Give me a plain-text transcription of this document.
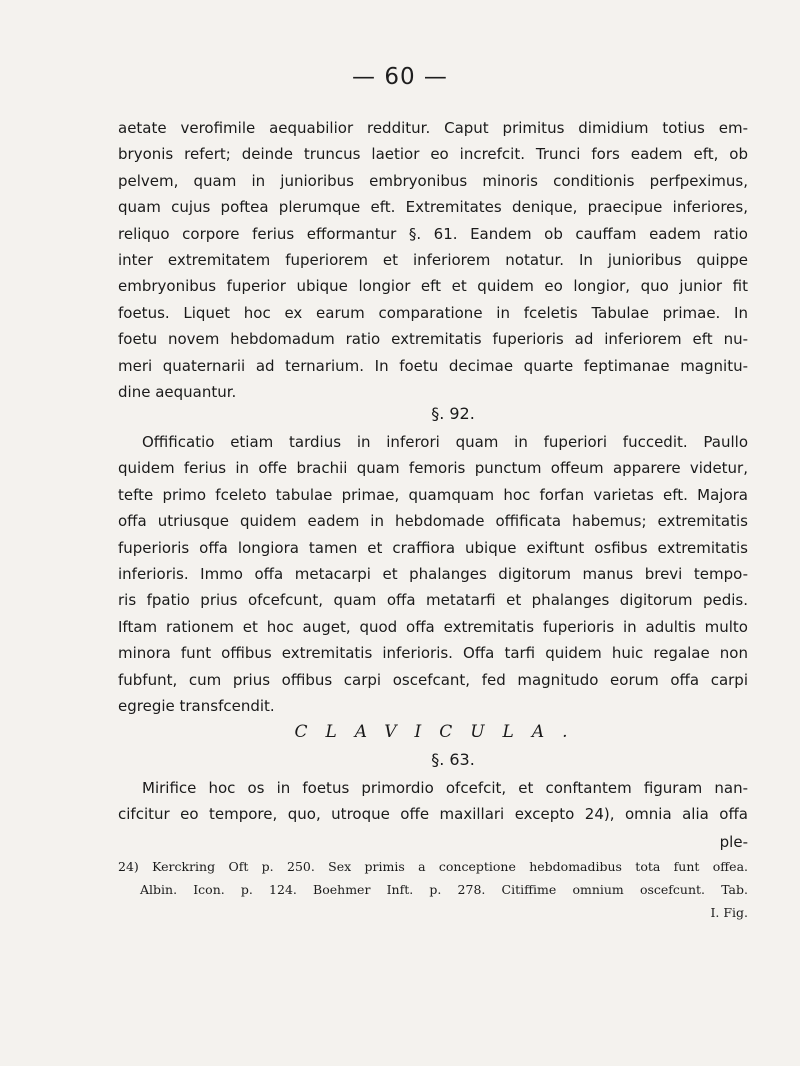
— 60 —
aetate verofimile aequabilior redditur. Caput primitus dimidium totius em-
bryonis refert; deinde truncus laetior eo increfcit. Trunci fors eadem eft, ob
pelvem, quam in junioribus embryonibus minoris conditionis perfpeximus,
quam cujus poftea plerumque eft. Extremitates denique, praecipue inferiores,
reliquo corpore ferius efformantur §. 61. Eandem ob cauffam eadem ratio
inter extremitatem fuperiorem et inferiorem notatur. In junioribus quippe
embryonibus fuperior ubique longior eft et quidem eo longior, quo junior fit
foetus. Liquet hoc ex earum comparatione in fceletis Tabulae primae. In
foetu novem hebdomadum ratio extremitatis fuperioris ad inferiorem eft nu-
meri quaternarii ad ternarium. In foetu decimae quarte feptimanae magnitu-
dine aequantur.
§. 92.
Offificatio etiam tardius in inferori quam in fuperiori fuccedit. Paullo
quidem ferius in offe brachii quam femoris punctum offeum apparere videtur,
tefte primo fceleto tabulae primae, quamquam hoc forfan varietas eft. Majora
offa utriusque quidem eadem in hebdomade offificata habemus; extremitatis
fuperioris offa longiora tamen et craffiora ubique exiftunt osfibus extremitatis
inferioris. Immo offa metacarpi et phalanges digitorum manus brevi tempo-
ris fpatio prius ofcefcunt, quam offa metatarfi et phalanges digitorum pedis.
Iftam rationem et hoc auget, quod offa extremitatis fuperioris in adultis multo
minora funt offibus extremitatis inferioris. Offa tarfi quidem huic regalae non
fubfunt, cum prius offibus carpi oscefcant, fed magnitudo eorum offa carpi
egregie transfcendit.
CLAVICULA.
§. 63.
Mirifice hoc os in foetus primordio ofcefcit, et conftantem figuram nan-
cifcitur eo tempore, quo, utroque offe maxillari excepto 24), omnia alia offa
ple-
24) Kerckring Oft p. 250. Sex primis a conceptione hebdomadibus tota funt offea.
Albin. Icon. p. 124. Boehmer Inft. p. 278. Citiffime omnium oscefcunt. Tab.
I. Fig.
